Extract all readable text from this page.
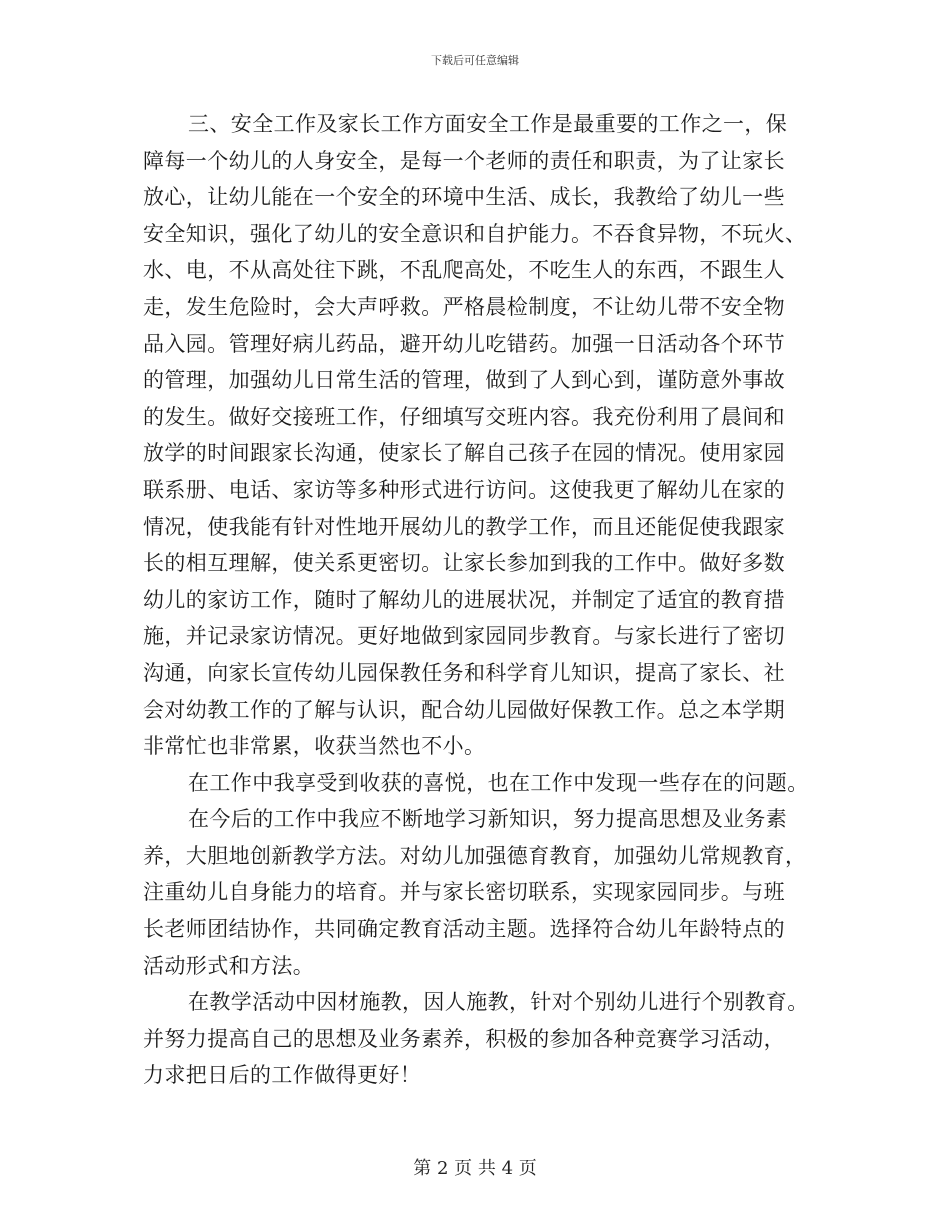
下载后可任意编辑
三、安全工作及家长工作方面安全工作是最重要的工作之一，保
障每一个幼儿的人身安全，是每一个老师的责任和职责，为了让家长
放心，让幼儿能在一个安全的环境中生活、成长，我教给了幼儿一些
安全知识，强化了幼儿的安全意识和自护能力。不吞食异物，不玩火、
水、电，不从高处往下跳，不乱爬高处，不吃生人的东西，不跟生人
走，发生危险时，会大声呼救。严格晨检制度，不让幼儿带不安全物
品入园。管理好病儿药品，避开幼儿吃错药。加强一日活动各个环节
的管理，加强幼儿日常生活的管理，做到了人到心到，谨防意外事故
的发生。做好交接班工作，仔细填写交班内容。我充份利用了晨间和
放学的时间跟家长沟通，使家长了解自己孩子在园的情况。使用家园
联系册、电话、家访等多种形式进行访问。这使我更了解幼儿在家的
情况，使我能有针对性地开展幼儿的教学工作，而且还能促使我跟家
长的相互理解，使关系更密切。让家长参加到我的工作中。做好多数
幼儿的家访工作，随时了解幼儿的进展状况，并制定了适宜的教育措
施，并记录家访情况。更好地做到家园同步教育。与家长进行了密切
沟通，向家长宣传幼儿园保教任务和科学育儿知识，提高了家长、社
会对幼教工作的了解与认识，配合幼儿园做好保教工作。总之本学期
非常忙也非常累，收获当然也不小。
在工作中我享受到收获的喜悦，也在工作中发现一些存在的问题。
在今后的工作中我应不断地学习新知识，努力提高思想及业务素
养，大胆地创新教学方法。对幼儿加强德育教育，加强幼儿常规教育，
注重幼儿自身能力的培育。并与家长密切联系，实现家园同步。与班
长老师团结协作，共同确定教育活动主题。选择符合幼儿年龄特点的
活动形式和方法。
在教学活动中因材施教，因人施教，针对个别幼儿进行个别教育。
并努力提高自己的思想及业务素养，积极的参加各种竞赛学习活动，
力求把日后的工作做得更好！
第 2 页 共 4 页
